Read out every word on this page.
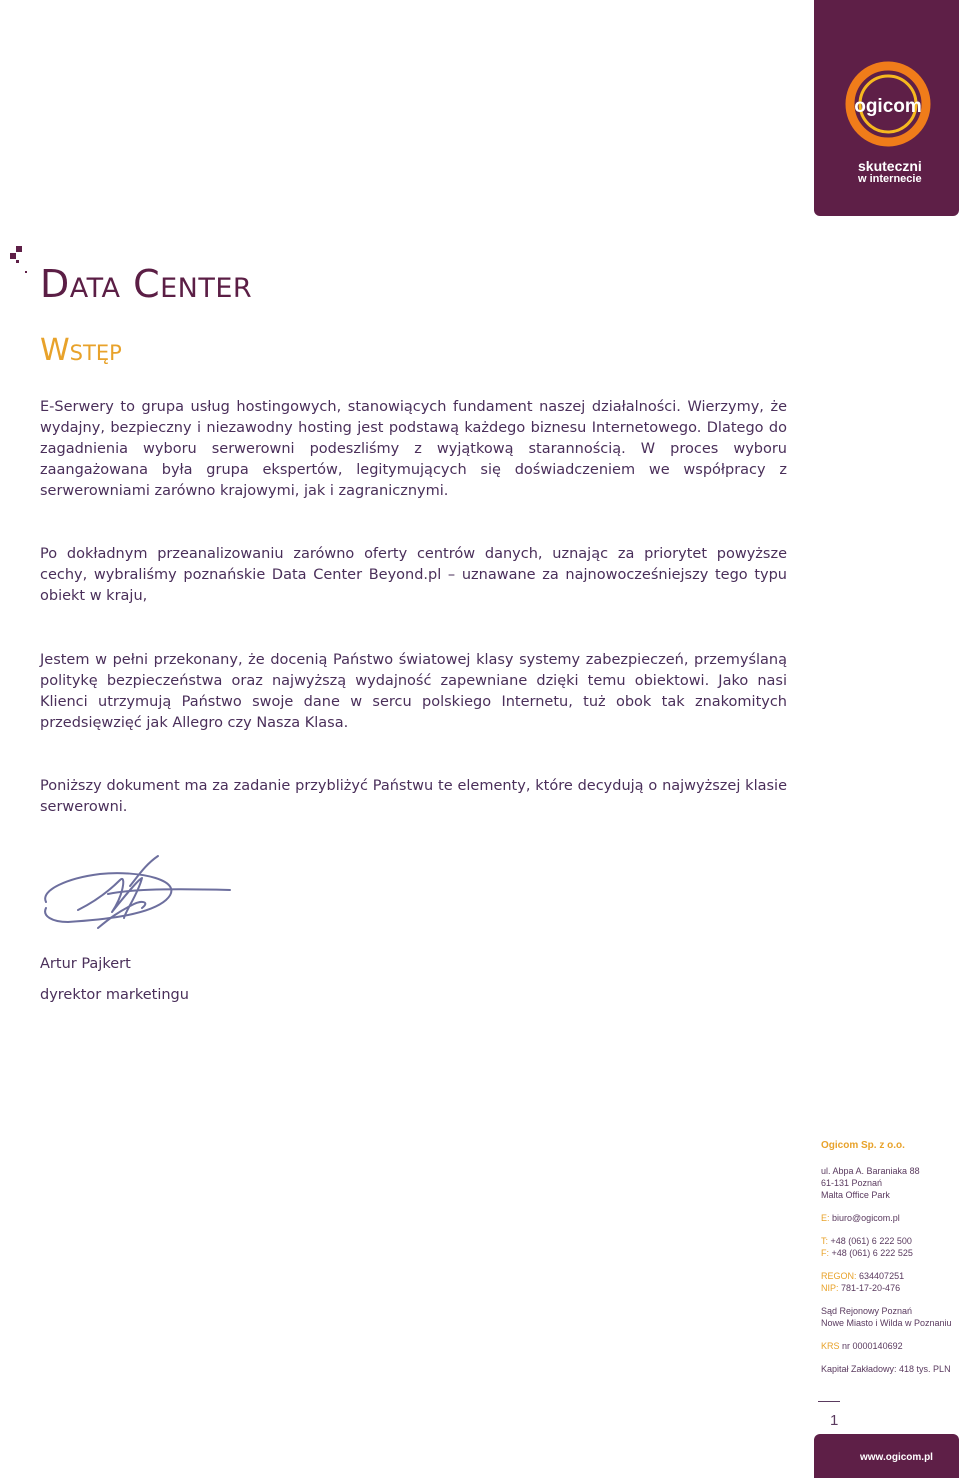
ogicom
skuteczni
w internecie
Data Center
Wstęp

E-Serwery to grupa usług hostingowych, stanowiących fundament naszej działalności. Wierzymy, że wydajny, bezpieczny i niezawodny hosting jest podstawą każdego biznesu Internetowego. Dlatego do zagadnienia wyboru serwerowni podeszliśmy z wyjątkową starannością. W proces wyboru zaangażowana była grupa ekspertów, legitymujących się doświadczeniem we współpracy z serwerowniami zarówno krajowymi, jak i zagranicznymi.

Po dokładnym przeanalizowaniu zarówno oferty centrów danych, uznając za priorytet powyższe cechy, wybraliśmy poznańskie Data Center Beyond.pl – uznawane za najnowocześniejszy tego typu obiekt w kraju,

Jestem w pełni przekonany, że docenią Państwo światowej klasy systemy zabezpieczeń, przemyślaną politykę bezpieczeństwa oraz najwyższą wydajność zapewniane dzięki temu obiektowi. Jako nasi Klienci utrzymują Państwo swoje dane w sercu polskiego Internetu, tuż obok tak znakomitych przedsięwzięć jak Allegro czy Nasza Klasa.

Poniższy dokument ma za zadanie przybliżyć Państwu te elementy, które decydują o najwyższej klasie serwerowni.

Artur Pajkert
dyrektor marketingu
Ogicom Sp. z o.o.
ul. Abpa A. Baraniaka 88
61-131 Poznań
Malta Office Park
E: biuro@ogicom.pl
T: +48 (061) 6 222 500
F: +48 (061) 6 222 525
REGON: 634407251
NIP: 781-17-20-476
Sąd Rejonowy Poznań
Nowe Miasto i Wilda w Poznaniu
KRS nr 0000140692
Kapitał Zakładowy: 418 tys. PLN
1
www.ogicom.pl
